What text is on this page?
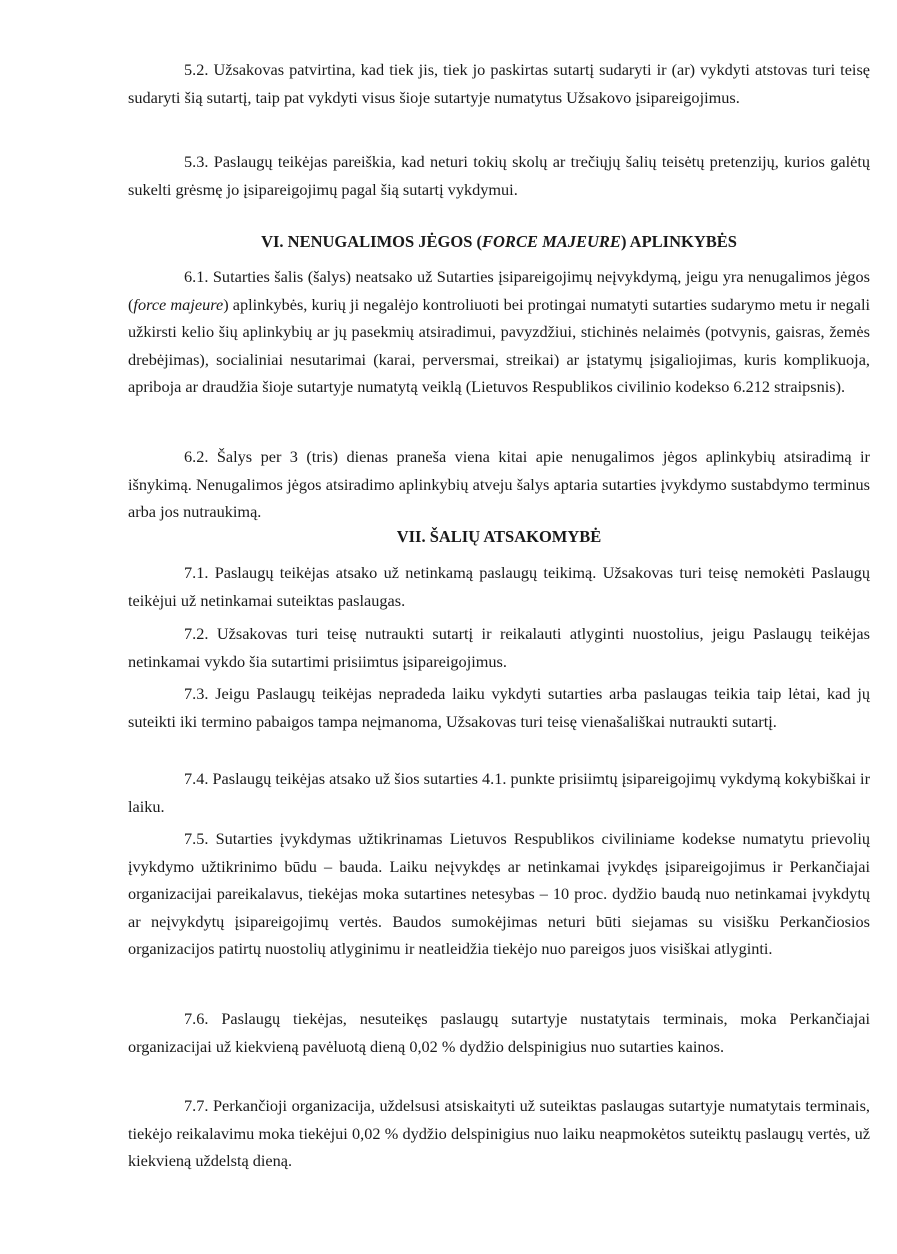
5.2. Užsakovas patvirtina, kad tiek jis, tiek jo paskirtas sutartį sudaryti ir (ar) vykdyti atstovas turi teisę sudaryti šią sutartį, taip pat vykdyti visus šioje sutartyje numatytus Užsakovo įsipareigojimus.

5.3. Paslaugų teikėjas pareiškia, kad neturi tokių skolų ar trečiųjų šalių teisėtų pretenzijų, kurios galėtų sukelti grėsmę jo įsipareigojimų pagal šią sutartį vykdymui.

VI. NENUGALIMOS JĖGOS (FORCE MAJEURE) APLINKYBĖS

6.1. Sutarties šalis (šalys) neatsako už Sutarties įsipareigojimų neįvykdymą, jeigu yra nenugalimos jėgos (force majeure) aplinkybės, kurių ji negalėjo kontroliuoti bei protingai numatyti sutarties sudarymo metu ir negali užkirsti kelio šių aplinkybių ar jų pasekmių atsiradimui, pavyzdžiui, stichinės nelaimės (potvynis, gaisras, žemės drebėjimas), socialiniai nesutarimai (karai, perversmai, streikai) ar įstatymų įsigaliojimas, kuris komplikuoja, apriboja ar draudžia šioje sutartyje numatytą veiklą (Lietuvos Respublikos civilinio kodekso 6.212 straipsnis).

6.2. Šalys per 3 (tris) dienas praneša viena kitai apie nenugalimos jėgos aplinkybių atsiradimą ir išnykimą. Nenugalimos jėgos atsiradimo aplinkybių atveju šalys aptaria sutarties įvykdymo sustabdymo terminus arba jos nutraukimą.

VII. ŠALIŲ ATSAKOMYBĖ

7.1. Paslaugų teikėjas atsako už netinkamą paslaugų teikimą. Užsakovas turi teisę nemokėti Paslaugų teikėjui už netinkamai suteiktas paslaugas.

7.2. Užsakovas turi teisę nutraukti sutartį ir reikalauti atlyginti nuostolius, jeigu Paslaugų teikėjas netinkamai vykdo šia sutartimi prisiimtus įsipareigojimus.

7.3. Jeigu Paslaugų teikėjas nepradeda laiku vykdyti sutarties arba paslaugas teikia taip lėtai, kad jų suteikti iki termino pabaigos tampa neįmanoma, Užsakovas turi teisę vienašališkai nutraukti sutartį.

7.4. Paslaugų teikėjas atsako už šios sutarties 4.1. punkte prisiimtų įsipareigojimų vykdymą kokybiškai ir laiku.

7.5. Sutarties įvykdymas užtikrinamas Lietuvos Respublikos civiliniame kodekse numatytu prievolių įvykdymo užtikrinimo būdu – bauda. Laiku neįvykdęs ar netinkamai įvykdęs įsipareigojimus ir Perkančiajai organizacijai pareikalavus, tiekėjas moka sutartines netesybas – 10 proc. dydžio baudą nuo netinkamai įvykdytų ar neįvykdytų įsipareigojimų vertės. Baudos sumokėjimas neturi būti siejamas su visišku Perkančiosios organizacijos patirtų nuostolių atlyginimu ir neatleidžia tiekėjo nuo pareigos juos visiškai atlyginti.

7.6. Paslaugų tiekėjas, nesuteikęs paslaugų sutartyje nustatytais terminais, moka Perkančiajai organizacijai už kiekvieną pavėluotą dieną 0,02 % dydžio delspinigius nuo sutarties kainos.

7.7. Perkančioji organizacija, uždelsusi atsiskaityti už suteiktas paslaugas sutartyje numatytais terminais, tiekėjo reikalavimu moka tiekėjui 0,02 % dydžio delspinigius nuo laiku neapmokėtos suteiktų paslaugų vertės, už kiekvieną uždelstą dieną.
